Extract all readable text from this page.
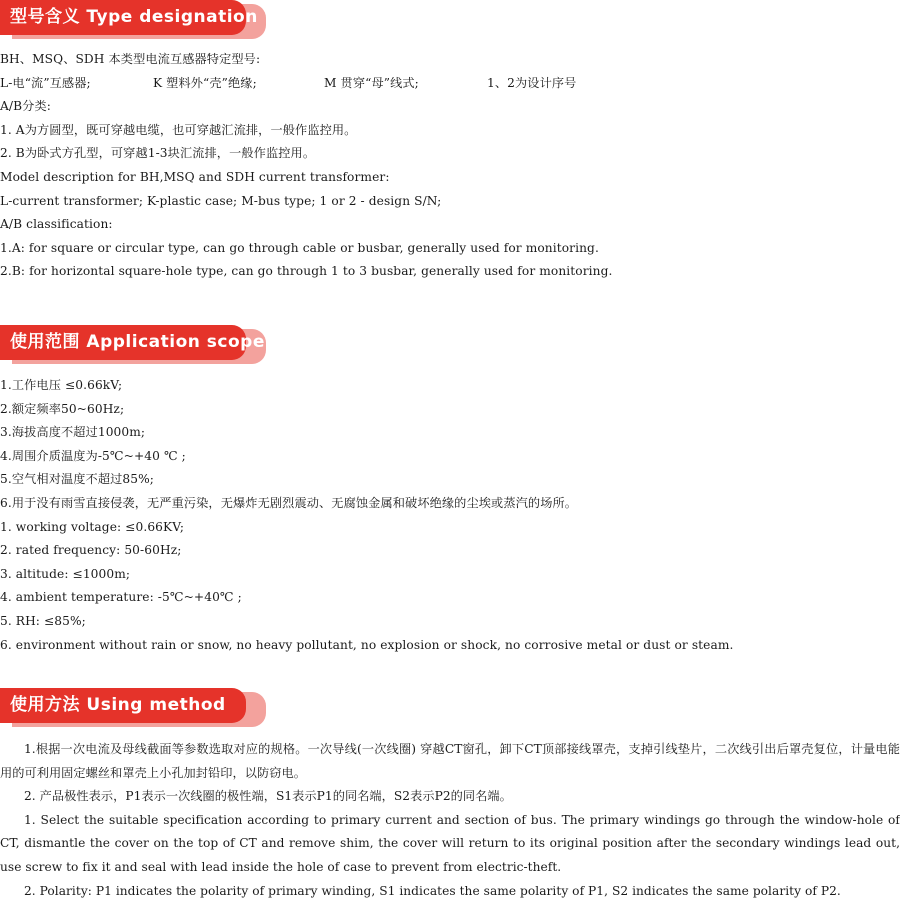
型号含义 Type designation
BH、MSQ、SDH 本类型电流互感器特定型号:
L-电“流”互感器;	K 塑料外“壳”绝缘;	M 贯穿“母”线式;	1、2为设计序号
A/B分类:
1. A为方圆型，既可穿越电缆，也可穿越汇流排，一般作监控用。
2. B为卧式方孔型，可穿越1-3块汇流排，一般作监控用。
Model description for BH,MSQ and SDH current transformer:
L-current transformer; K-plastic case; M-bus type; 1 or 2 - design S/N;
A/B classification:
1.A: for square or circular type, can go through cable or busbar, generally used for monitoring.
2.B: for horizontal square-hole type, can go through 1 to 3 busbar, generally used for monitoring.
使用范围 Application scope
1.工作电压 ≤0.66kV;
2.额定频率50~60Hz;
3.海拔高度不超过1000m;
4.周围介质温度为-5℃~+40 ℃ ;
5.空气相对温度不超过85%;
6.用于没有雨雪直接侵袭，无严重污染，无爆炸无剧烈震动、无腐蚀金属和破坏绝缘的尘埃或蒸汽的场所。
1. working voltage: ≤0.66KV;
2. rated frequency: 50-60Hz;
3. altitude: ≤1000m;
4. ambient temperature: -5℃~+40℃ ;
5. RH: ≤85%;
6. environment without rain or snow, no heavy pollutant, no explosion or shock, no corrosive metal or dust or steam.
使用方法 Using method
1.根据一次电流及母线截面等参数选取对应的规格。一次导线(一次线圈) 穿越CT窗孔，卸下CT顶部接线罩壳，支掉引线垫片，二次线引出后罩壳复位，计量电能用的可利用固定螺丝和罩壳上小孔加封铅印，以防窃电。
2. 产品极性表示，P1表示一次线圈的极性端，S1表示P1的同名端，S2表示P2的同名端。
1. Select the suitable specification according to primary current and section of bus. The primary windings go through the window-hole of CT, dismantle the cover on the top of CT and remove shim, the cover will return to its original position after the secondary windings lead out, use screw to fix it and seal with lead inside the hole of case to prevent from electric-theft.
2. Polarity: P1 indicates the polarity of primary winding, S1 indicates the same polarity of P1, S2 indicates the same polarity of P2.
